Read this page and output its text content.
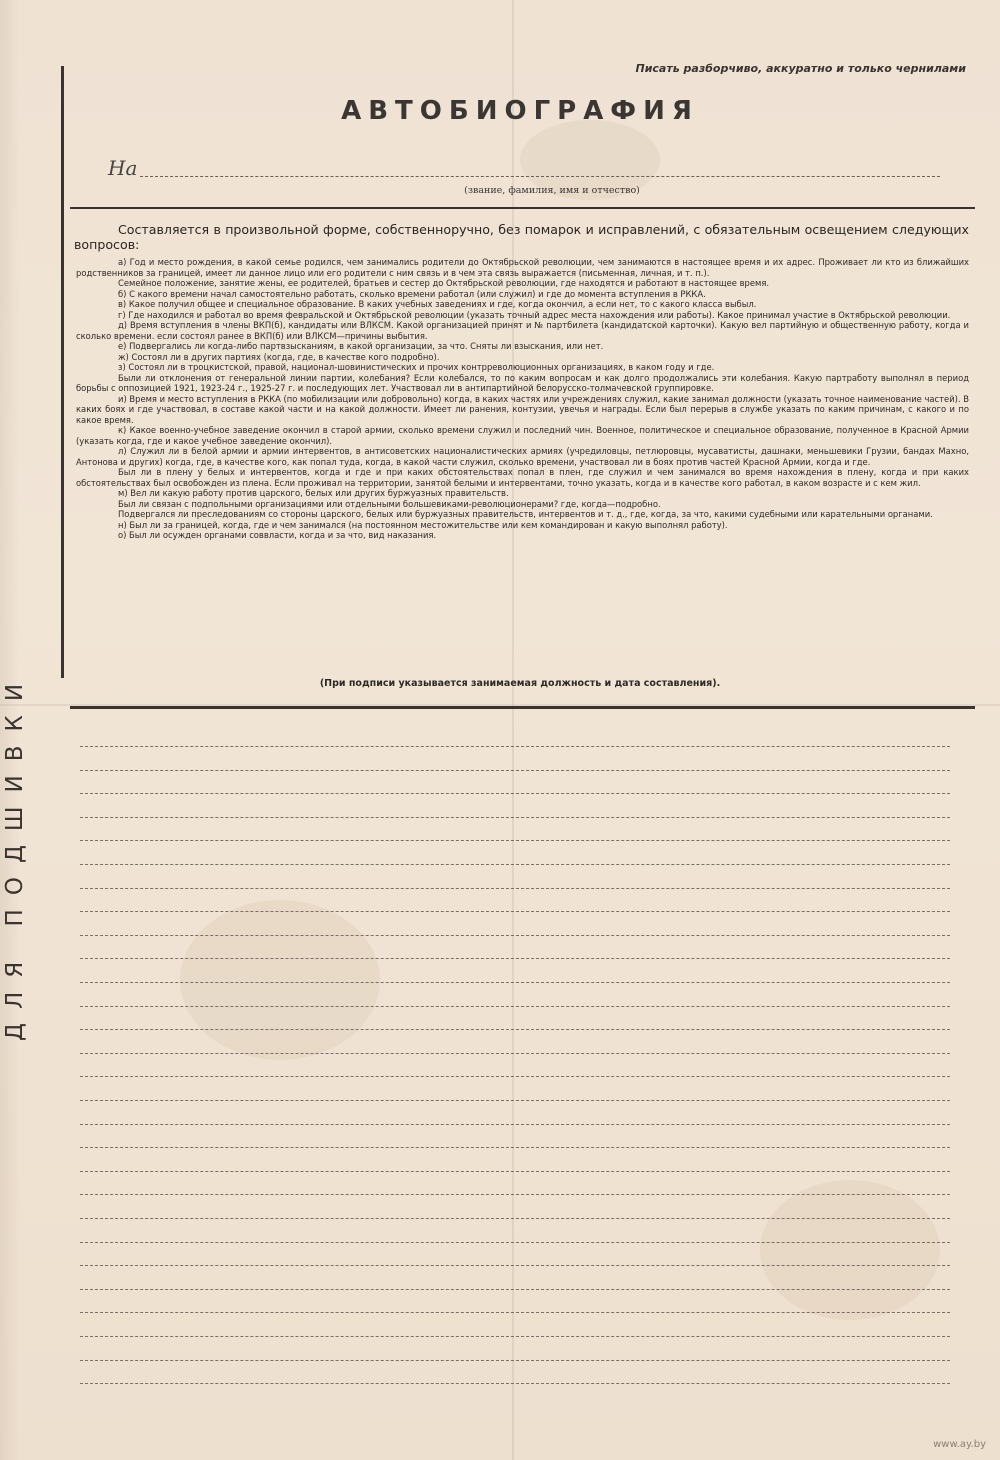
ДЛЯ ПОДШИВКИ
Писать разборчиво, аккуратно и только чернилами
АВТОБИОГРАФИЯ
На
(звание, фамилия, имя и отчество)
Составляется в произвольной форме, собственноручно, без помарок и исправлений, с обязательным освещением следующих вопросов:

а) Год и место рождения, в какой семье родился, чем занимались родители до Октябрьской революции, чем занимаются в настоящее время и их адрес. Проживает ли кто из ближайших родственников за границей, имеет ли данное лицо или его родители с ним связь и в чем эта связь выражается (письменная, личная, и т. п.).

Семейное положение, занятие жены, ее родителей, братьев и сестер до Октябрьской революции, где находятся и работают в настоящее время.

б) С какого времени начал самостоятельно работать, сколько времени работал (или служил) и где до момента вступления в РККА.

в) Какое получил общее и специальное образование. В каких учебных заведениях и где, когда окончил, а если нет, то с какого класса выбыл.

г) Где находился и работал во время февральской и Октябрьской революции (указать точный адрес места нахождения или работы). Какое принимал участие в Октябрьской революции.

д) Время вступления в члены ВКП(б), кандидаты или ВЛКСМ. Какой организацией принят и № партбилета (кандидатской карточки). Какую вел партийную и общественную работу, когда и сколько времени. если состоял ранее в ВКП(б) или ВЛКСМ—причины выбытия.

е) Подвергались ли когда-либо партвзысканиям, в какой организации, за что. Сняты ли взыскания, или нет.

ж) Состоял ли в других партиях (когда, где, в качестве кого подробно).

з) Состоял ли в троцкистской, правой, национал-шовинистических и прочих контрреволюционных организациях, в каком году и где.

Были ли отклонения от генеральной линии партии, колебания? Если колебался, то по каким вопросам и как долго продолжались эти колебания. Какую партработу выполнял в период борьбы с оппозицией 1921, 1923-24 г., 1925-27 г. и последующих лет. Участвовал ли в антипартийной белорусско-толмачевской группировке.

и) Время и место вступления в РККА (по мобилизации или добровольно) когда, в каких частях или учреждениях служил, какие занимал должности (указать точное наименование частей). В каких боях и где участвовал, в составе какой части и на какой должности. Имеет ли ранения, контузии, увечья и награды. Если был перерыв в службе указать по каким причинам, с какого и по какое время.

к) Какое военно-учебное заведение окончил в старой армии, сколько времени служил и последний чин. Военное, политическое и специальное образование, полученное в Красной Армии (указать когда, где и какое учебное заведение окончил).

л) Служил ли в белой армии и армии интервентов, в антисоветских националистических армиях (учредиловцы, петлюровцы, мусаватисты, дашнаки, меньшевики Грузии, бандах Махно, Антонова и других) когда, где, в качестве кого, как попал туда, когда, в какой части служил, сколько времени, участвовал ли в боях против частей Красной Армии, когда и где.

Был ли в плену у белых и интервентов, когда и где и при каких обстоятельствах попал в плен, где служил и чем занимался во время нахождения в плену, когда и при каких обстоятельствах был освобожден из плена. Если проживал на территории, занятой белыми и интервентами, точно указать, когда и в качестве кого работал, в каком возрасте и с кем жил.

м) Вел ли какую работу против царского, белых или других буржуазных правительств.

Был ли связан с подпольными организациями или отдельными большевиками-революционерами? где, когда—подробно.

Подвергался ли преследованиям со стороны царского, белых или буржуазных правительств, интервентов и т. д., где, когда, за что, какими судебными или карательными органами.

н) Был ли за границей, когда, где и чем занимался (на постоянном местожительстве или кем командирован и какую выполнял работу).

о) Был ли осужден органами соввласти, когда и за что, вид наказания.

(При подписи указывается занимаемая должность и дата составления).
www.ay.by
